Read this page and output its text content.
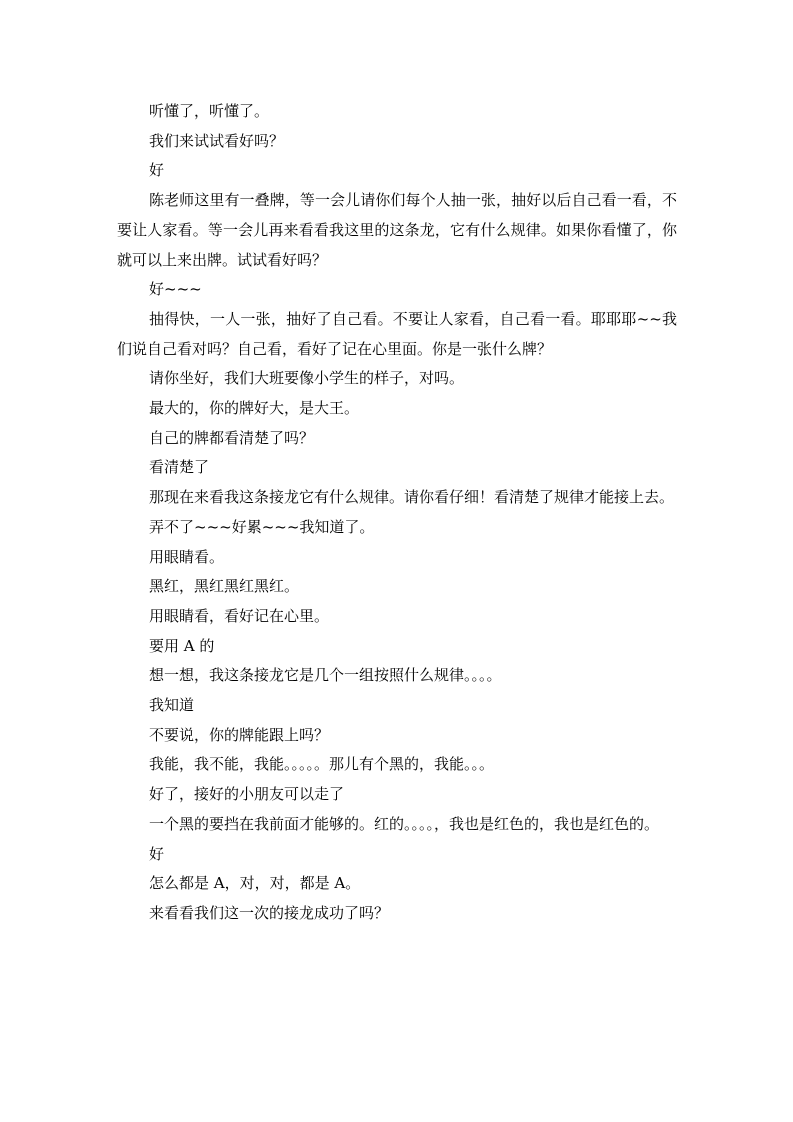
听懂了，听懂了。

我们来试试看好吗？

好

陈老师这里有一叠牌，等一会儿请你们每个人抽一张，抽好以后自己看一看，不要让人家看。等一会儿再来看看我这里的这条龙，它有什么规律。如果你看懂了，你就可以上来出牌。试试看好吗？

好~~~

抽得快，一人一张，抽好了自己看。不要让人家看，自己看一看。耶耶耶~~我们说自己看对吗？自己看，看好了记在心里面。你是一张什么牌？

请你坐好，我们大班要像小学生的样子，对吗。

最大的，你的牌好大，是大王。

自己的牌都看清楚了吗？

看清楚了

那现在来看我这条接龙它有什么规律。请你看仔细！看清楚了规律才能接上去。

弄不了~~~好累~~~我知道了。

用眼睛看。

黑红，黑红黑红黑红。

用眼睛看，看好记在心里。

要用 A 的

想一想，我这条接龙它是几个一组按照什么规律。。。。

我知道

不要说，你的牌能跟上吗？

我能，我不能，我能。。。。。那儿有个黑的，我能。。。

好了，接好的小朋友可以走了

一个黑的要挡在我前面才能够的。红的。。。。，我也是红色的，我也是红色的。

好

怎么都是 A，对，对，都是 A。

来看看我们这一次的接龙成功了吗？
